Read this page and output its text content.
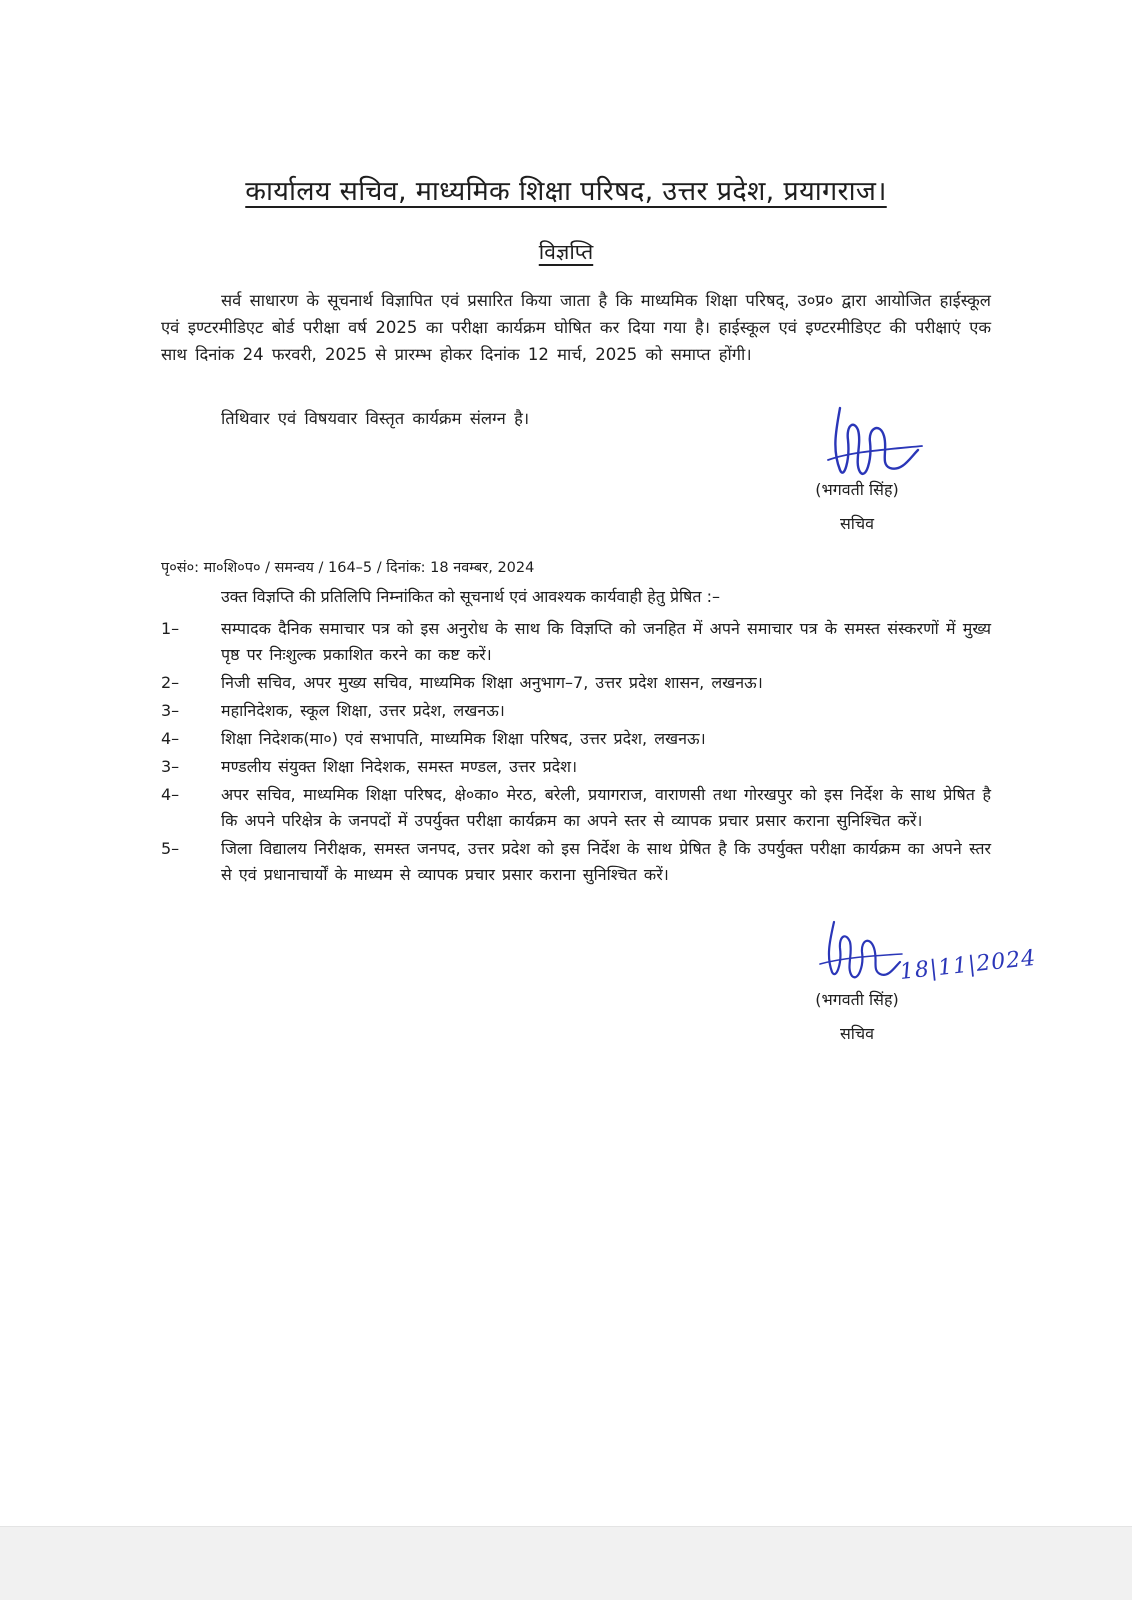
कार्यालय सचिव, माध्यमिक शिक्षा परिषद, उत्तर प्रदेश, प्रयागराज।
विज्ञप्ति
सर्व साधारण के सूचनार्थ विज्ञापित एवं प्रसारित किया जाता है कि माध्यमिक शिक्षा परिषद्, उ०प्र० द्वारा आयोजित हाईस्कूल एवं इण्टरमीडिएट बोर्ड परीक्षा वर्ष 2025 का परीक्षा कार्यक्रम घोषित कर दिया गया है। हाईस्कूल एवं इण्टरमीडिएट की परीक्षाएं एक साथ दिनांक 24 फरवरी, 2025 से प्रारम्भ होकर दिनांक 12 मार्च, 2025 को समाप्त होंगी।
तिथिवार एवं विषयवार विस्तृत कार्यक्रम संलग्न है।
(भगवती सिंह)
सचिव
पृ०सं०: मा०शि०प० / समन्वय / 164–5 / दिनांक: 18 नवम्बर, 2024
उक्त विज्ञप्ति की प्रतिलिपि निम्नांकित को सूचनार्थ एवं आवश्यक कार्यवाही हेतु प्रेषित :–
1–	सम्पादक दैनिक समाचार पत्र को इस अनुरोध के साथ कि विज्ञप्ति को जनहित में अपने समाचार पत्र के समस्त संस्करणों में मुख्य पृष्ठ पर निःशुल्क प्रकाशित करने का कष्ट करें।
2–	निजी सचिव, अपर मुख्य सचिव, माध्यमिक शिक्षा अनुभाग–7, उत्तर प्रदेश शासन, लखनऊ।
3–	महानिदेशक, स्कूल शिक्षा, उत्तर प्रदेश, लखनऊ।
4–	शिक्षा निदेशक(मा०) एवं सभापति, माध्यमिक शिक्षा परिषद, उत्तर प्रदेश, लखनऊ।
3–	मण्डलीय संयुक्त शिक्षा निदेशक, समस्त मण्डल, उत्तर प्रदेश।
4–	अपर सचिव, माध्यमिक शिक्षा परिषद, क्षे०का० मेरठ, बरेली, प्रयागराज, वाराणसी तथा गोरखपुर को इस निर्देश के साथ प्रेषित है कि अपने परिक्षेत्र के जनपदों में उपर्युक्त परीक्षा कार्यक्रम का अपने स्तर से व्यापक प्रचार प्रसार कराना सुनिश्चित करें।
5–	जिला विद्यालय निरीक्षक, समस्त जनपद, उत्तर प्रदेश को इस निर्देश के साथ प्रेषित है कि उपर्युक्त परीक्षा कार्यक्रम का अपने स्तर से एवं प्रधानाचार्यों के माध्यम से व्यापक प्रचार प्रसार कराना सुनिश्चित करें।
18|11|2024
(भगवती सिंह)
सचिव
